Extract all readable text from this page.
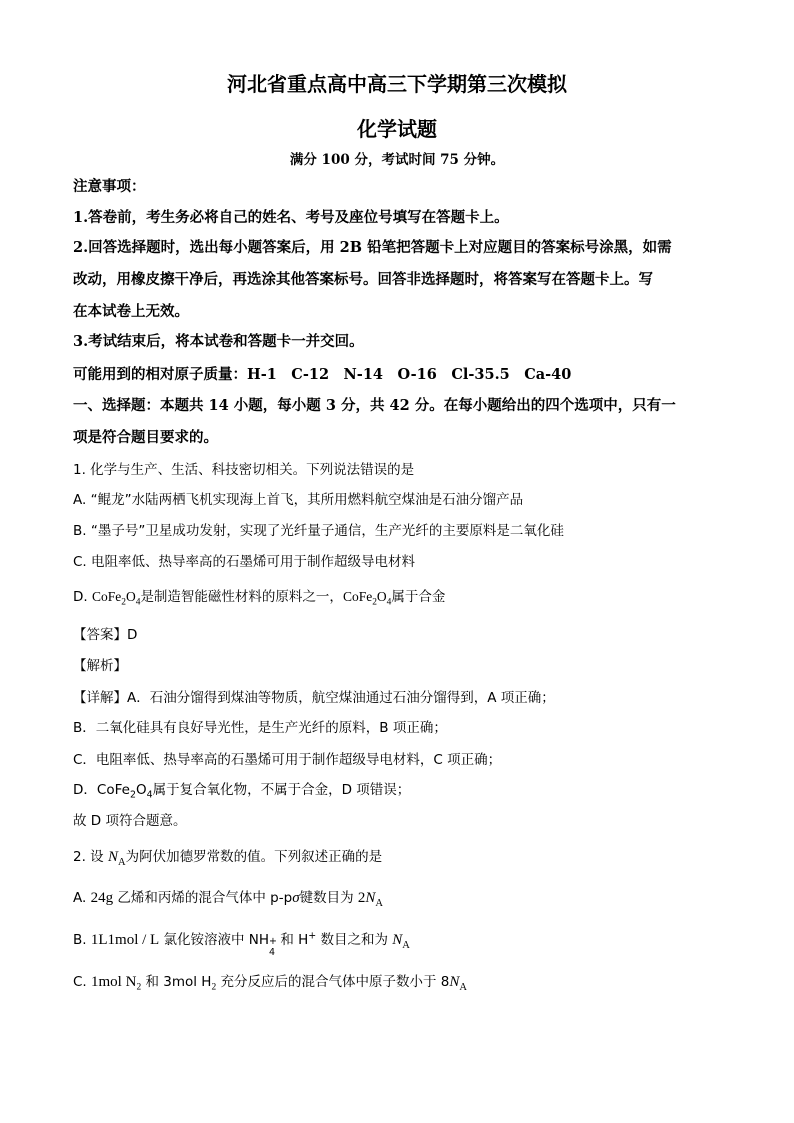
河北省重点高中高三下学期第三次模拟
化学试题
满分 100 分，考试时间 75 分钟。
注意事项：
1.答卷前，考生务必将自己的姓名、考号及座位号填写在答题卡上。
2.回答选择题时，选出每小题答案后，用 2B 铅笔把答题卡上对应题目的答案标号涂黑，如需
改动，用橡皮擦干净后，再选涂其他答案标号。回答非选择题时，将答案写在答题卡上。写
在本试卷上无效。
3.考试结束后，将本试卷和答题卡一并交回。
可能用到的相对原子质量：H-1　C-12　N-14　O-16　Cl-35.5　Ca-40
一、选择题：本题共 14 小题，每小题 3 分，共 42 分。在每小题给出的四个选项中，只有一
项是符合题目要求的。
1. 化学与生产、生活、科技密切相关。下列说法错误的是
A. “鲲龙”水陆两栖飞机实现海上首飞，其所用燃料航空煤油是石油分馏产品
B. “墨子号”卫星成功发射，实现了光纤量子通信，生产光纤的主要原料是二氧化硅
C. 电阻率低、热导率高的石墨烯可用于制作超级导电材料
D. $CoFe_2O_4$是制造智能磁性材料的原料之一，$CoFe_2O_4$属于合金
【答案】D
【解析】
【详解】A．石油分馏得到煤油等物质，航空煤油通过石油分馏得到，A 项正确；
B．二氧化硅具有良好导光性，是生产光纤的原料，B 项正确；
C．电阻率低、热导率高的石墨烯可用于制作超级导电材料，C 项正确；
D．$CoFe_2O_4$属于复合氧化物，不属于合金，D 项错误；
故 D 项符合题意。
2. 设 $N_A$为阿伏加德罗常数的值。下列叙述正确的是
A. 24g 乙烯和丙烯的混合气体中 p-pσ键数目为 $2N_A$
B. 1L1mol / L 氯化铵溶液中 NH +
4
和 H+ 数目之和为 $N_A$
C. 1mol $N_2$ 和 3mol $H_2$ 充分反应后的混合气体中原子数小于 $8N_A$
